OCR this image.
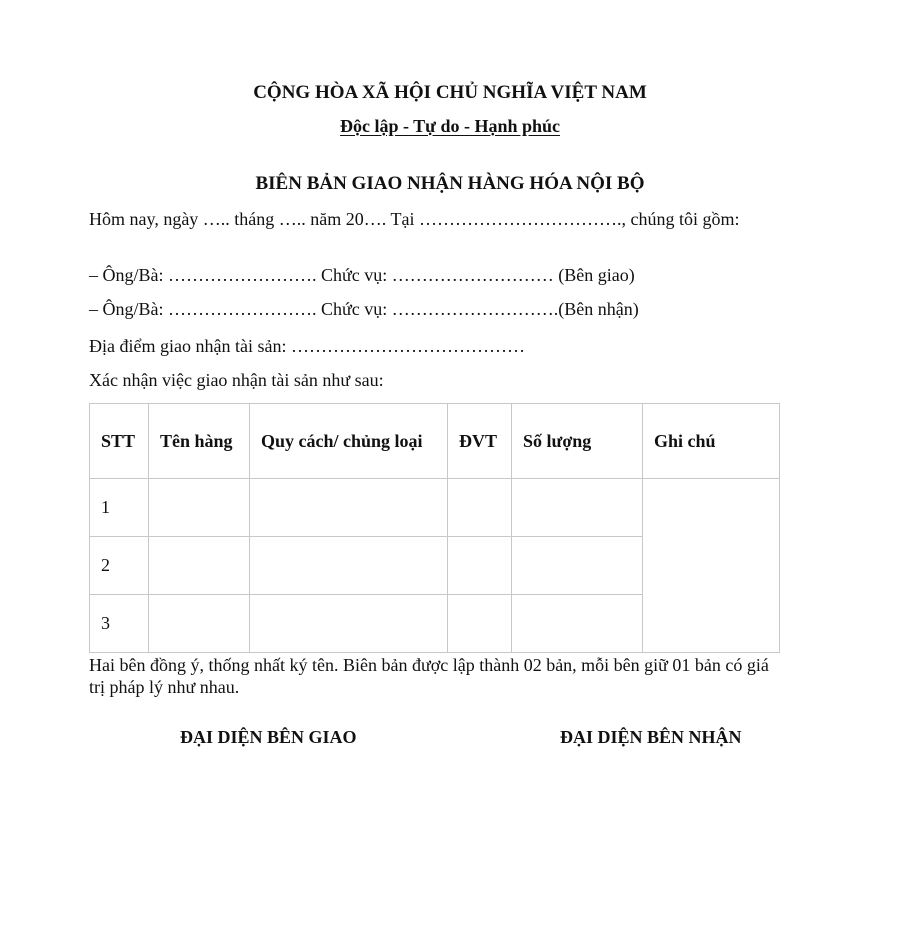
CỘNG HÒA XÃ HỘI CHỦ NGHĨA VIỆT NAM
Độc lập - Tự do - Hạnh phúc
BIÊN BẢN GIAO NHẬN HÀNG HÓA NỘI BỘ
Hôm nay, ngày ….. tháng ….. năm 20…. Tại ……………………………., chúng tôi gồm:
– Ông/Bà: ……………………. Chức vụ: ……………………… (Bên giao)
– Ông/Bà: ……………………. Chức vụ: ……………………….(Bên nhận)
Địa điểm giao nhận tài sản: …………………………………
Xác nhận việc giao nhận tài sản như sau:
STT	Tên hàng	Quy cách/ chủng loại	ĐVT	Số lượng	Ghi chú
1					
2					
3					
Hai bên đồng ý, thống nhất ký tên. Biên bản được lập thành 02 bản, mỗi bên giữ 01 bản có giá trị pháp lý như nhau.
ĐẠI DIỆN BÊN GIAO	ĐẠI DIỆN BÊN NHẬN
